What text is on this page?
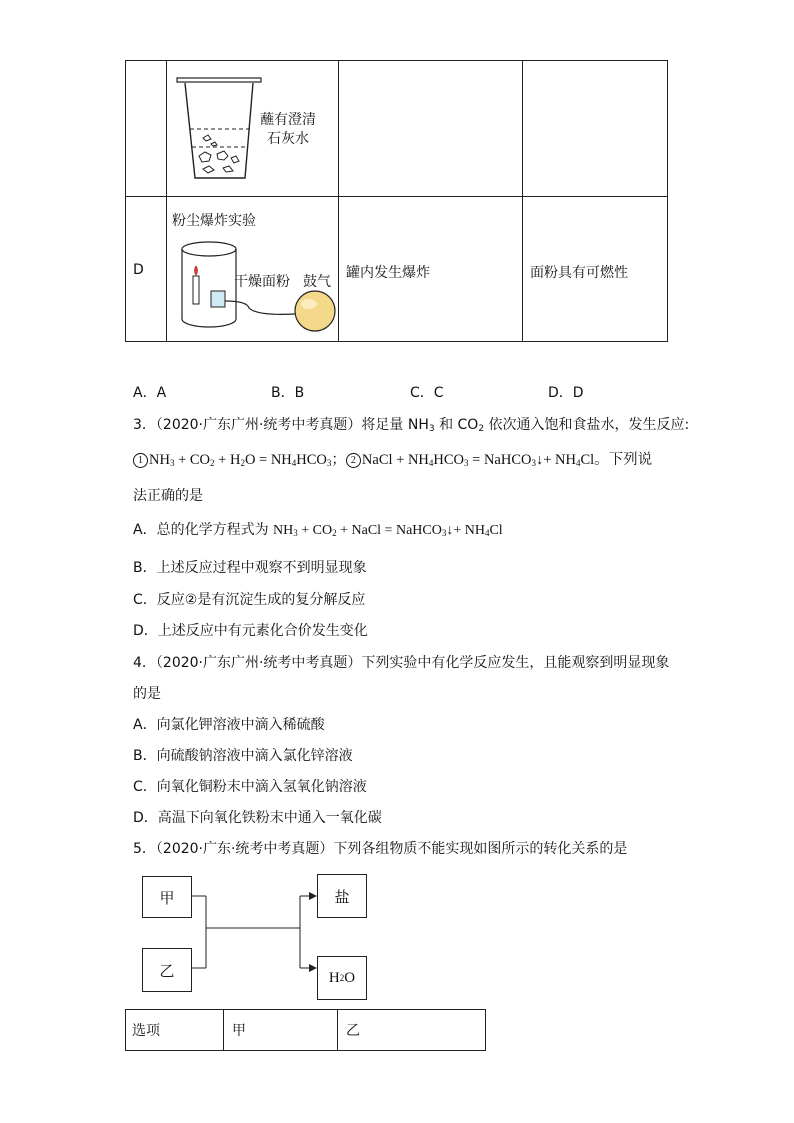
蘸有澄清
石灰水
D
粉尘爆炸实验
干燥面粉 鼓气
罐内发生爆炸	面粉具有可燃性
A．A	B．B	C．C	D．D
3．（2020·广东广州·统考中考真题）将足量 $NH_3$ 和 $CO_2$ 依次通入饱和食盐水，发生反应:
1 $NH_3 + CO_2 + H_2O = NH_4HCO_3$； 2 NaCl + $NH_4HCO_3$ = NaHCO$_3$↓+ $NH_4Cl$。下列说
法正确的是
A．总的化学方程式为 $NH_3 + CO_2$ + NaCl = NaHCO$_3$↓+ $NH_4Cl$
B．上述反应过程中观察不到明显现象
C．反应②是有沉淀生成的复分解反应
D．上述反应中有元素化合价发生变化
4．（2020·广东广州·统考中考真题）下列实验中有化学反应发生，且能观察到明显现象
的是
A．向氯化钾溶液中滴入稀硫酸
B．向硫酸钠溶液中滴入氯化锌溶液
C．向氧化铜粉末中滴入氢氧化钠溶液
D．高温下向氧化铁粉末中通入一氧化碳
5．（2020·广东·统考中考真题）下列各组物质不能实现如图所示的转化关系的是
甲
乙
盐
H 2 O
选项	甲	乙
